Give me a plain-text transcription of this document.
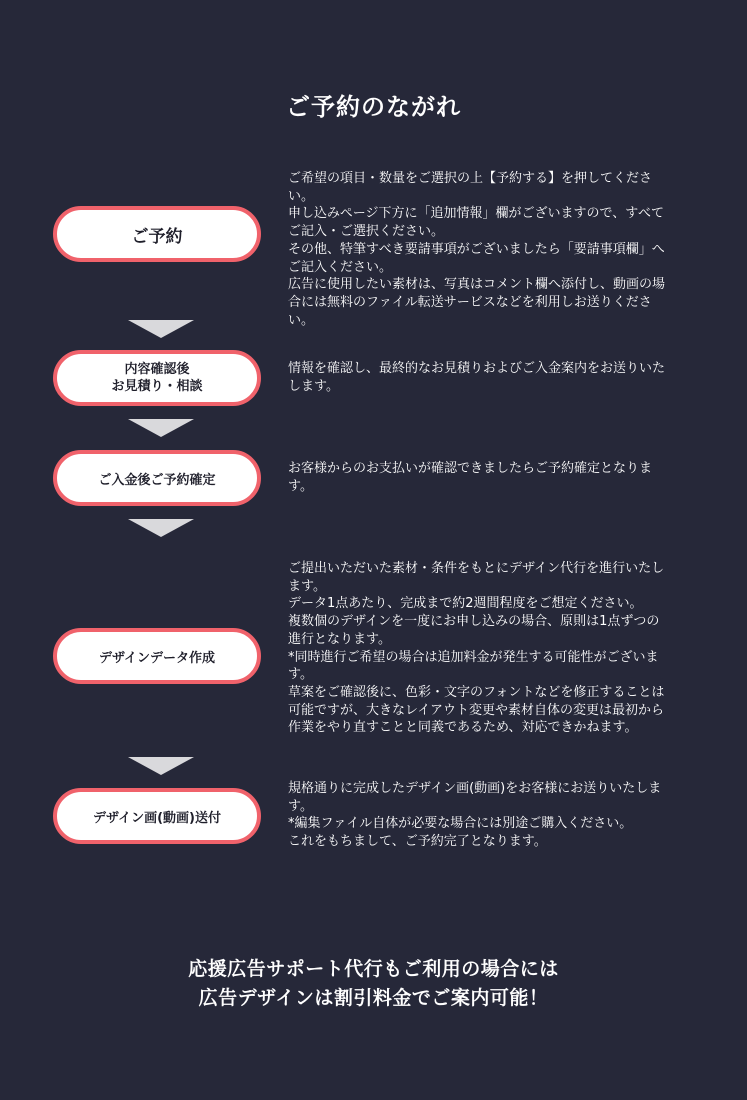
ご予約のながれ
ご予約
ご希望の項目・数量をご選択の上【予約する】を押してくださ
い。
申し込みページ下方に「追加情報」欄がございますので、すべて
ご記入・ご選択ください。
その他、特筆すべき要請事項がございましたら「要請事項欄」へ
ご記入ください。
広告に使用したい素材は、写真はコメント欄へ添付し、動画の場
合には無料のファイル転送サービスなどを利用しお送りくださ
い。
内容確認後
お見積り・相談
情報を確認し、最終的なお見積りおよびご入金案内をお送りいた
します。
ご入金後ご予約確定
お客様からのお支払いが確認できましたらご予約確定となりま
す。
デザインデータ作成
ご提出いただいた素材・条件をもとにデザイン代行を進行いたし
ます。
データ1点あたり、完成まで約2週間程度をご想定ください。
複数個のデザインを一度にお申し込みの場合、原則は1点ずつの
進行となります。
*同時進行ご希望の場合は追加料金が発生する可能性がございま
す。
草案をご確認後に、色彩・文字のフォントなどを修正することは
可能ですが、大きなレイアウト変更や素材自体の変更は最初から
作業をやり直すことと同義であるため、対応できかねます。
デザイン画(動画)送付
規格通りに完成したデザイン画(動画)をお客様にお送りいたしま
す。
*編集ファイル自体が必要な場合には別途ご購入ください。
これをもちまして、ご予約完了となります。
応援広告サポート代行もご利用の場合には
広告デザインは割引料金でご案内可能！
